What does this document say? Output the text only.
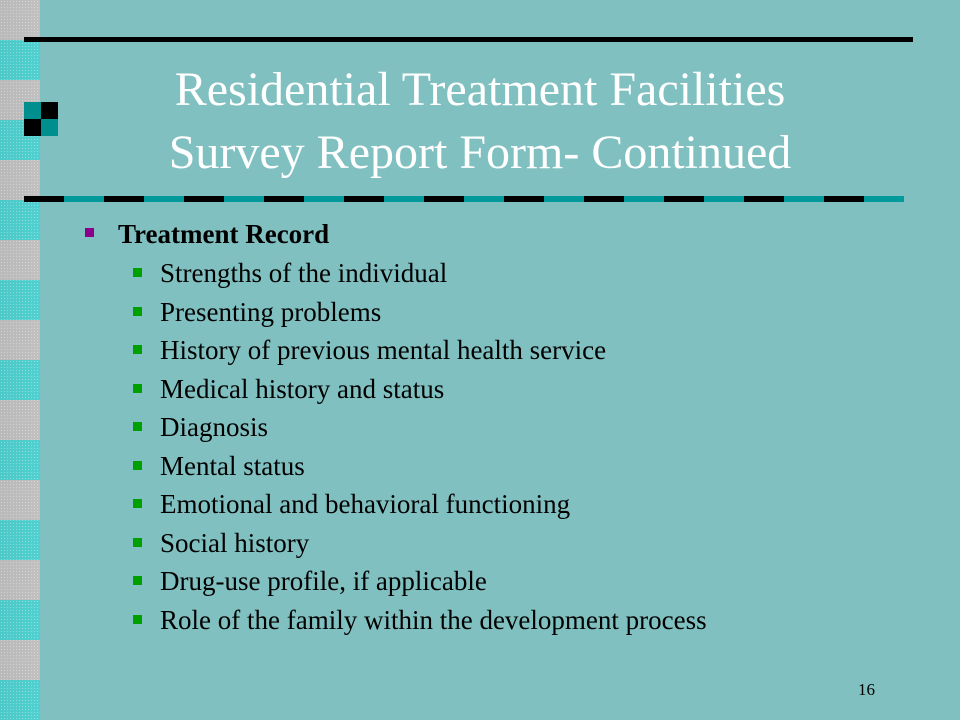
Residential Treatment Facilities
Survey Report Form- Continued
Treatment Record
Strengths of the individual
Presenting problems
History of previous mental health service
Medical history and status
Diagnosis
Mental status
Emotional and behavioral functioning
Social history
Drug-use profile, if applicable
Role of the family within the development process
16
